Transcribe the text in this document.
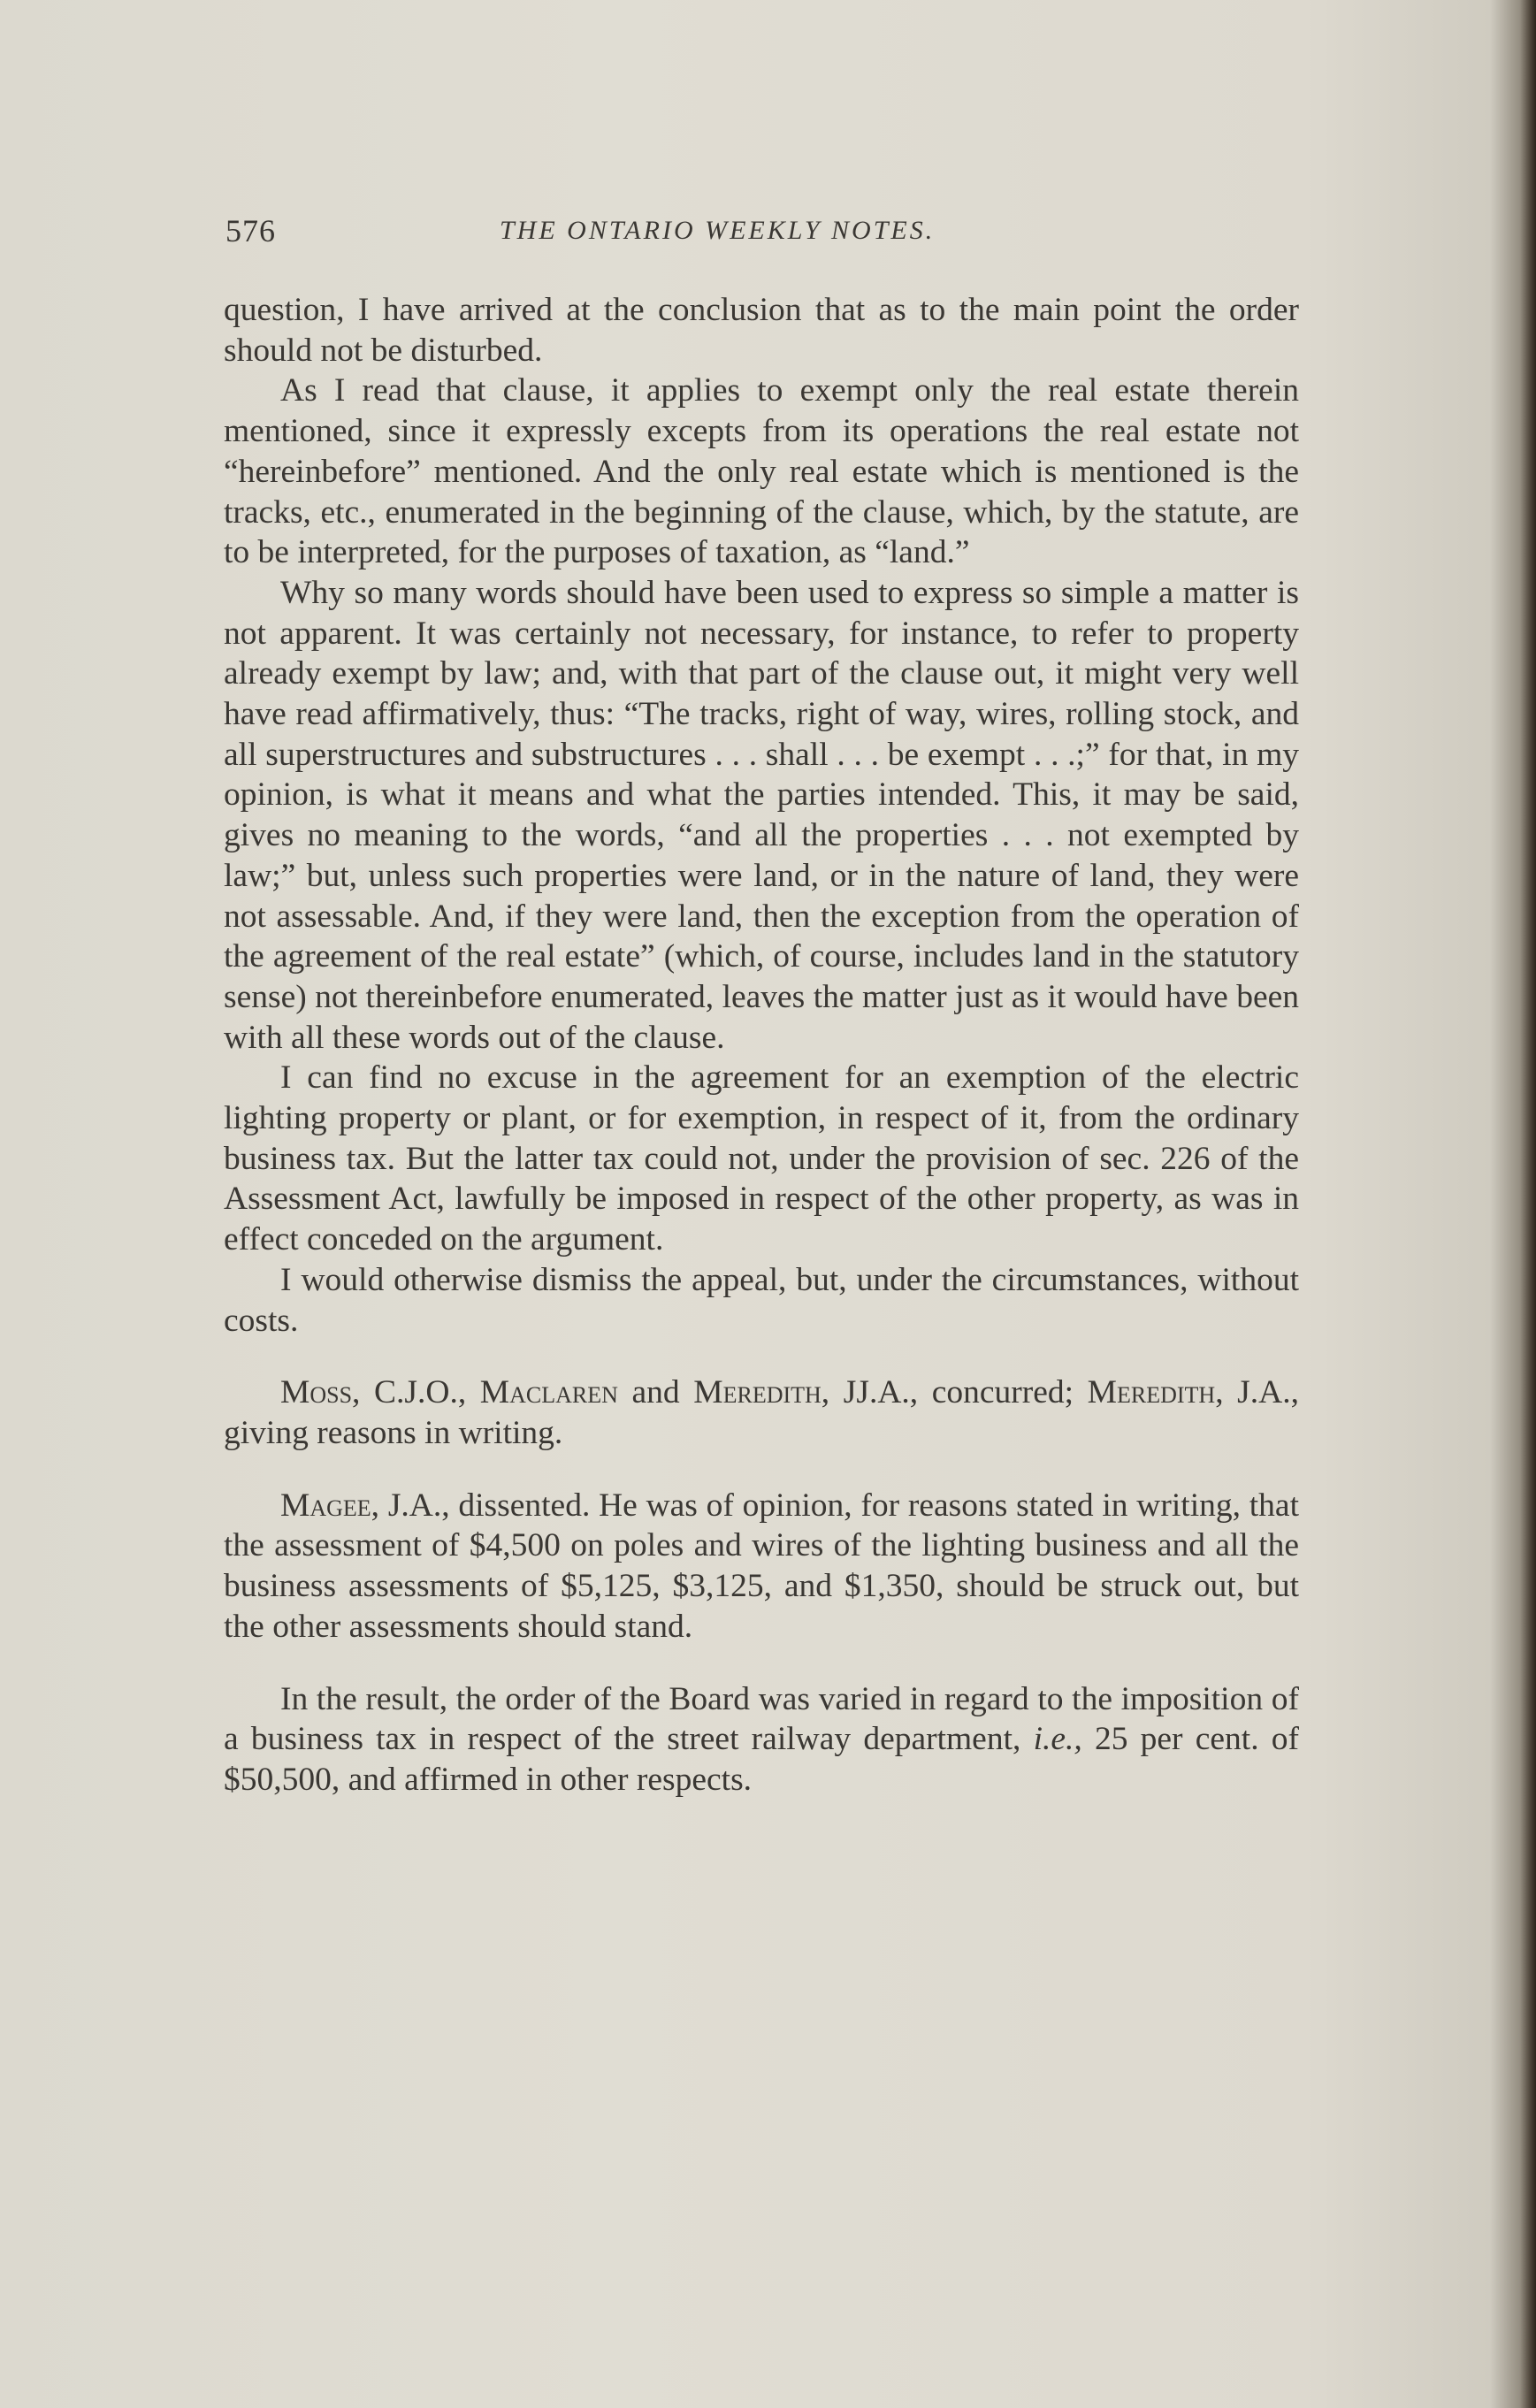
576	THE ONTARIO WEEKLY NOTES.

question, I have arrived at the conclusion that as to the main point the order should not be disturbed.

As I read that clause, it applies to exempt only the real estate therein mentioned, since it expressly excepts from its operations the real estate not “hereinbefore” mentioned. And the only real estate which is mentioned is the tracks, etc., enumerated in the beginning of the clause, which, by the statute, are to be interpreted, for the purposes of taxation, as “land.”

Why so many words should have been used to express so simple a matter is not apparent. It was certainly not necessary, for instance, to refer to property already exempt by law; and, with that part of the clause out, it might very well have read affirmatively, thus: “The tracks, right of way, wires, rolling stock, and all superstructures and substructures . . . shall . . . be exempt . . .;” for that, in my opinion, is what it means and what the parties intended. This, it may be said, gives no meaning to the words, “and all the properties . . . not exempted by law;” but, unless such properties were land, or in the nature of land, they were not assessable. And, if they were land, then the exception from the operation of the agreement of the real estate” (which, of course, includes land in the statutory sense) not thereinbefore enumerated, leaves the matter just as it would have been with all these words out of the clause.

I can find no excuse in the agreement for an exemption of the electric lighting property or plant, or for exemption, in respect of it, from the ordinary business tax. But the latter tax could not, under the provision of sec. 226 of the Assessment Act, lawfully be imposed in respect of the other property, as was in effect conceded on the argument.

I would otherwise dismiss the appeal, but, under the circumstances, without costs.

Moss, C.J.O., Maclaren and Meredith, JJ.A., concurred; Meredith, J.A., giving reasons in writing.

Magee, J.A., dissented. He was of opinion, for reasons stated in writing, that the assessment of $4,500 on poles and wires of the lighting business and all the business assessments of $5,125, $3,125, and $1,350, should be struck out, but the other assessments should stand.

In the result, the order of the Board was varied in regard to the imposition of a business tax in respect of the street railway department, i.e., 25 per cent. of $50,500, and affirmed in other respects.
